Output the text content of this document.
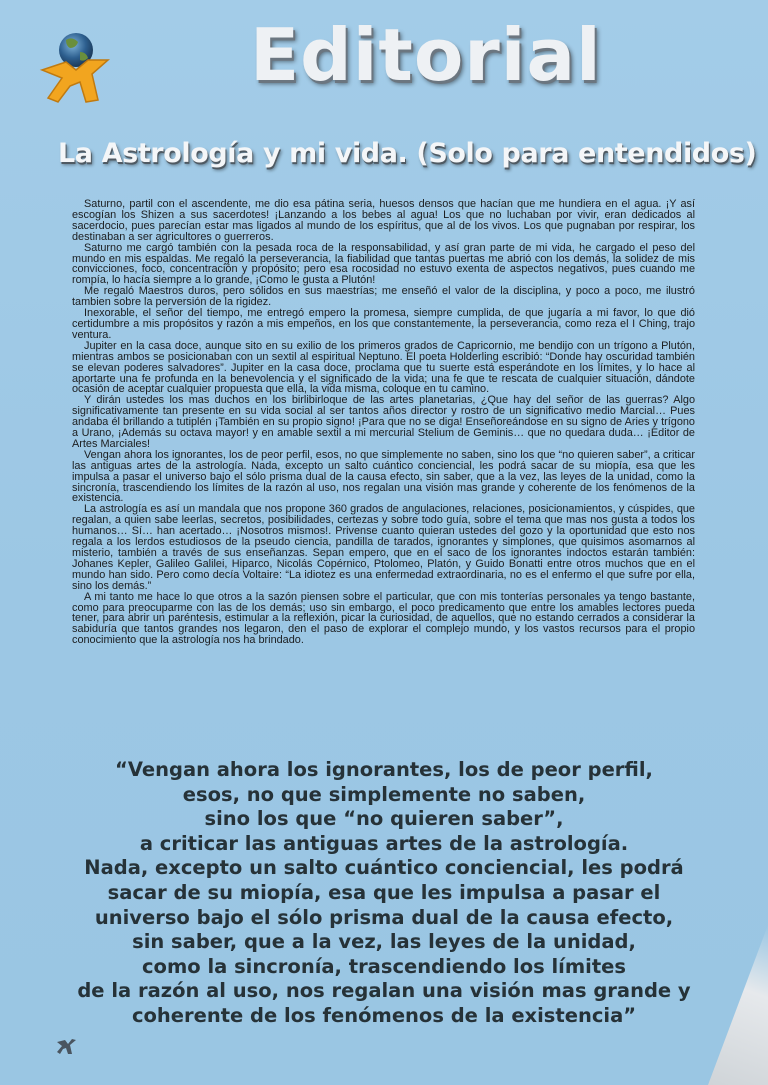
Editorial
La Astrología y mi vida. (Solo para entendidos)

Saturno, partil con el ascendente, me dio esa pátina seria, huesos densos que hacían que me hundiera en el agua. ¡Y así escogían los Shizen a sus sacerdotes! ¡Lanzando a los bebes al agua! Los que no luchaban por vivir, eran dedicados al sacerdocio, pues parecían estar mas ligados al mundo de los espíritus, que al de los vivos. Los que pugnaban por respirar, los destinaban a ser agricultores o guerreros.

Saturno me cargó también con la pesada roca de la responsabilidad, y así gran parte de mi vida, he cargado el peso del mundo en mis espaldas. Me regaló la perseverancia, la fiabilidad que tantas puertas me abrió con los demás, la solidez de mis convicciones, foco, concentración y propósito; pero esa rocosidad no estuvo exenta de aspectos negativos, pues cuando me rompía, lo hacía siempre a lo grande, ¡Como le gusta a Plutón!

Me regaló Maestros duros, pero sólidos en sus maestrías; me enseñó el valor de la disciplina, y poco a poco, me ilustró tambien sobre la perversión de la rigidez.

Inexorable, el señor del tiempo, me entregó empero la promesa, siempre cumplida, de que jugaría a mi favor, lo que dió certidumbre a mis propósitos y razón a mis empeños, en los que constantemente, la perseverancia, como reza el I Ching, trajo ventura.

Jupiter en la casa doce, aunque sito en su exilio de los primeros grados de Capricornio, me bendijo con un trígono a Plutón, mientras ambos se posicionaban con un sextil al espiritual Neptuno. El poeta Holderling escribió: “Donde hay oscuridad también se elevan poderes salvadores”. Jupiter en la casa doce, proclama que tu suerte está esperándote en los límites, y lo hace al aportarte una fe profunda en la benevolencia y el significado de la vida; una fe que te rescata de cualquier situación, dándote ocasión de aceptar cualquier propuesta que ella, la vida misma, coloque en tu camino.

Y dirán ustedes los mas duchos en los birlibirloque de las artes planetarias, ¿Que hay del señor de las guerras? Algo significativamente tan presente en su vida social al ser tantos años director y rostro de un significativo medio Marcial… Pues andaba él brillando a tutiplén ¡También en su propio signo! ¡Para que no se diga! Enseñoreándose en su signo de Aries y trígono a Urano, ¡Además su octava mayor! y en amable sextil a mi mercurial Stelium de Geminis… que no quedara duda… ¡Editor de Artes Marciales!

Vengan ahora los ignorantes, los de peor perfil, esos, no que simplemente no saben, sino los que “no quieren saber”, a criticar las antiguas artes de la astrología. Nada, excepto un salto cuántico conciencial, les podrá sacar de su miopía, esa que les impulsa a pasar el universo bajo el sólo prisma dual de la causa efecto, sin saber, que a la vez, las leyes de la unidad, como la sincronía, trascendiendo los límites de la razón al uso, nos regalan una visión mas grande y coherente de los fenómenos de la existencia.

La astrología es así un mandala que nos propone 360 grados de angulaciones, relaciones, posicionamientos, y cúspides, que regalan, a quien sabe leerlas, secretos, posibilidades, certezas y sobre todo guía, sobre el tema que mas nos gusta a todos los humanos… Sí… han acertado… ¡Nosotros mismos!. Privense cuanto quieran ustedes del gozo y la oportunidad que esto nos regala a los lerdos estudiosos de la pseudo ciencia, pandilla de tarados, ignorantes y simplones, que quisimos asomarnos al misterio, también a través de sus enseñanzas. Sepan empero, que en el saco de los ignorantes indoctos estarán también: Johanes Kepler, Galileo Galilei, Hiparco, Nicolás Copérnico, Ptolomeo, Platón, y Guido Bonatti entre otros muchos que en el mundo han sido. Pero como decía Voltaire: “La idiotez es una enfermedad extraordinaria, no es el enfermo el que sufre por ella, sino los demás.”

A mi tanto me hace lo que otros a la sazón piensen sobre el particular, que con mis tonterías personales ya tengo bastante, como para preocuparme con las de los demás; uso sin embargo, el poco predicamento que entre los amables lectores pueda tener, para abrir un paréntesis, estimular a la reflexión, picar la curiosidad, de aquellos, que no estando cerrados a considerar la sabiduría que tantos grandes nos legaron, den el paso de explorar el complejo mundo, y los vastos recursos para el propio conocimiento que la astrología nos ha brindado.

“Vengan ahora los ignorantes, los de peor perfil,
esos, no que simplemente no saben,
sino los que “no quieren saber”,
a criticar las antiguas artes de la astrología.
Nada, excepto un salto cuántico conciencial, les podrá
sacar de su miopía, esa que les impulsa a pasar el
universo bajo el sólo prisma dual de la causa efecto,
sin saber, que a la vez, las leyes de la unidad,
como la sincronía, trascendiendo los límites
de la razón al uso, nos regalan una visión mas grande y
coherente de los fenómenos de la existencia”
